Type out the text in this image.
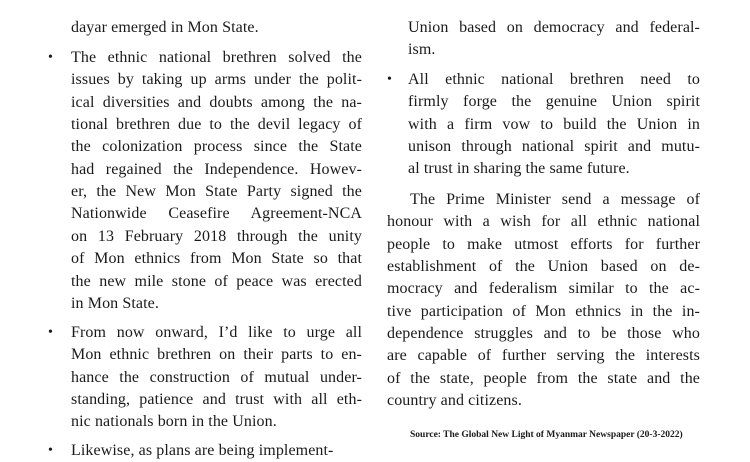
dayar emerged in Mon State.
• The ethnic national brethren solved the
issues by taking up arms under the polit-
ical diversities and doubts among the na-
tional brethren due to the devil legacy of
the colonization process since the State
had regained the Independence. Howev-
er, the New Mon State Party signed the
Nationwide Ceasefire Agreement-NCA
on 13 February 2018 through the unity
of Mon ethnics from Mon State so that
the new mile stone of peace was erected
in Mon State.
• From now onward, I’d like to urge all
Mon ethnic brethren on their parts to en-
hance the construction of mutual under-
standing, patience and trust with all eth-
nic nationals born in the Union.
• Likewise, as plans are being implement-
Union based on democracy and federal-
ism.
• All ethnic national brethren need to
firmly forge the genuine Union spirit
with a firm vow to build the Union in
unison through national spirit and mutu-
al trust in sharing the same future.
The Prime Minister send a message of
honour with a wish for all ethnic national
people to make utmost efforts for further
establishment of the Union based on de-
mocracy and federalism similar to the ac-
tive participation of Mon ethnics in the in-
dependence struggles and to be those who
are capable of further serving the interests
of the state, people from the state and the
country and citizens.
Source: The Global New Light of Myanmar Newspaper (20-3-2022)
